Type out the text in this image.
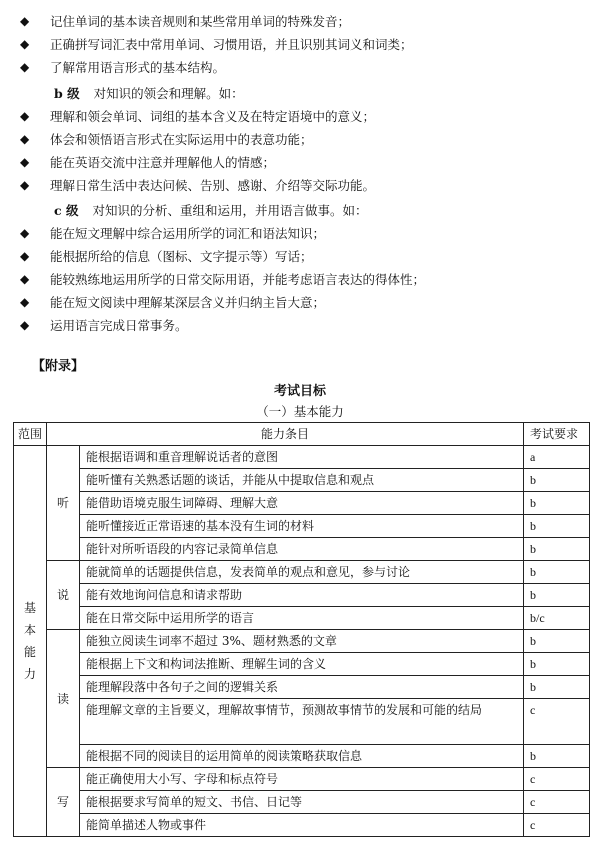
◆ 记住单词的基本读音规则和某些常用单词的特殊发音；
◆ 正确拼写词汇表中常用单词、习惯用语，并且识别其词义和词类；
◆ 了解常用语言形式的基本结构。
b 级 对知识的领会和理解。如：
◆ 理解和领会单词、词组的基本含义及在特定语境中的意义；
◆ 体会和领悟语言形式在实际运用中的表意功能；
◆ 能在英语交流中注意并理解他人的情感；
◆ 理解日常生活中表达问候、告别、感谢、介绍等交际功能。
c 级 对知识的分析、重组和运用，并用语言做事。如：
◆ 能在短文理解中综合运用所学的词汇和语法知识；
◆ 能根据所给的信息（图标、文字提示等）写话；
◆ 能较熟练地运用所学的日常交际用语，并能考虑语言表达的得体性；
◆ 能在短文阅读中理解某深层含义并归纳主旨大意；
◆ 运用语言完成日常事务。
【附录】
考试目标
（一）基本能力
范围	能力条目		考试要求

基
本
能
力	听	能根据语调和重音理解说话者的意图	a
		能听懂有关熟悉话题的谈话，并能从中提取信息和观点	b
		能借助语境克服生词障碍、理解大意	b
		能听懂接近正常语速的基本没有生词的材料	b
		能针对所听语段的内容记录简单信息	b
	说	能就简单的话题提供信息，发表简单的观点和意见，参与讨论	b
		能有效地询问信息和请求帮助	b
		能在日常交际中运用所学的语言	b/c
	读	能独立阅读生词率不超过 3%、题材熟悉的文章	b
		能根据上下文和构词法推断、理解生词的含义	b
		能理解段落中各句子之间的逻辑关系	b
		能理解文章的主旨要义，理解故事情节，预测故事情节的发展和可能的结局	c
		能根据不同的阅读目的运用简单的阅读策略获取信息	b
	写	能正确使用大小写、字母和标点符号	c
		能根据要求写简单的短文、书信、日记等	c
		能简单描述人物或事件	c
